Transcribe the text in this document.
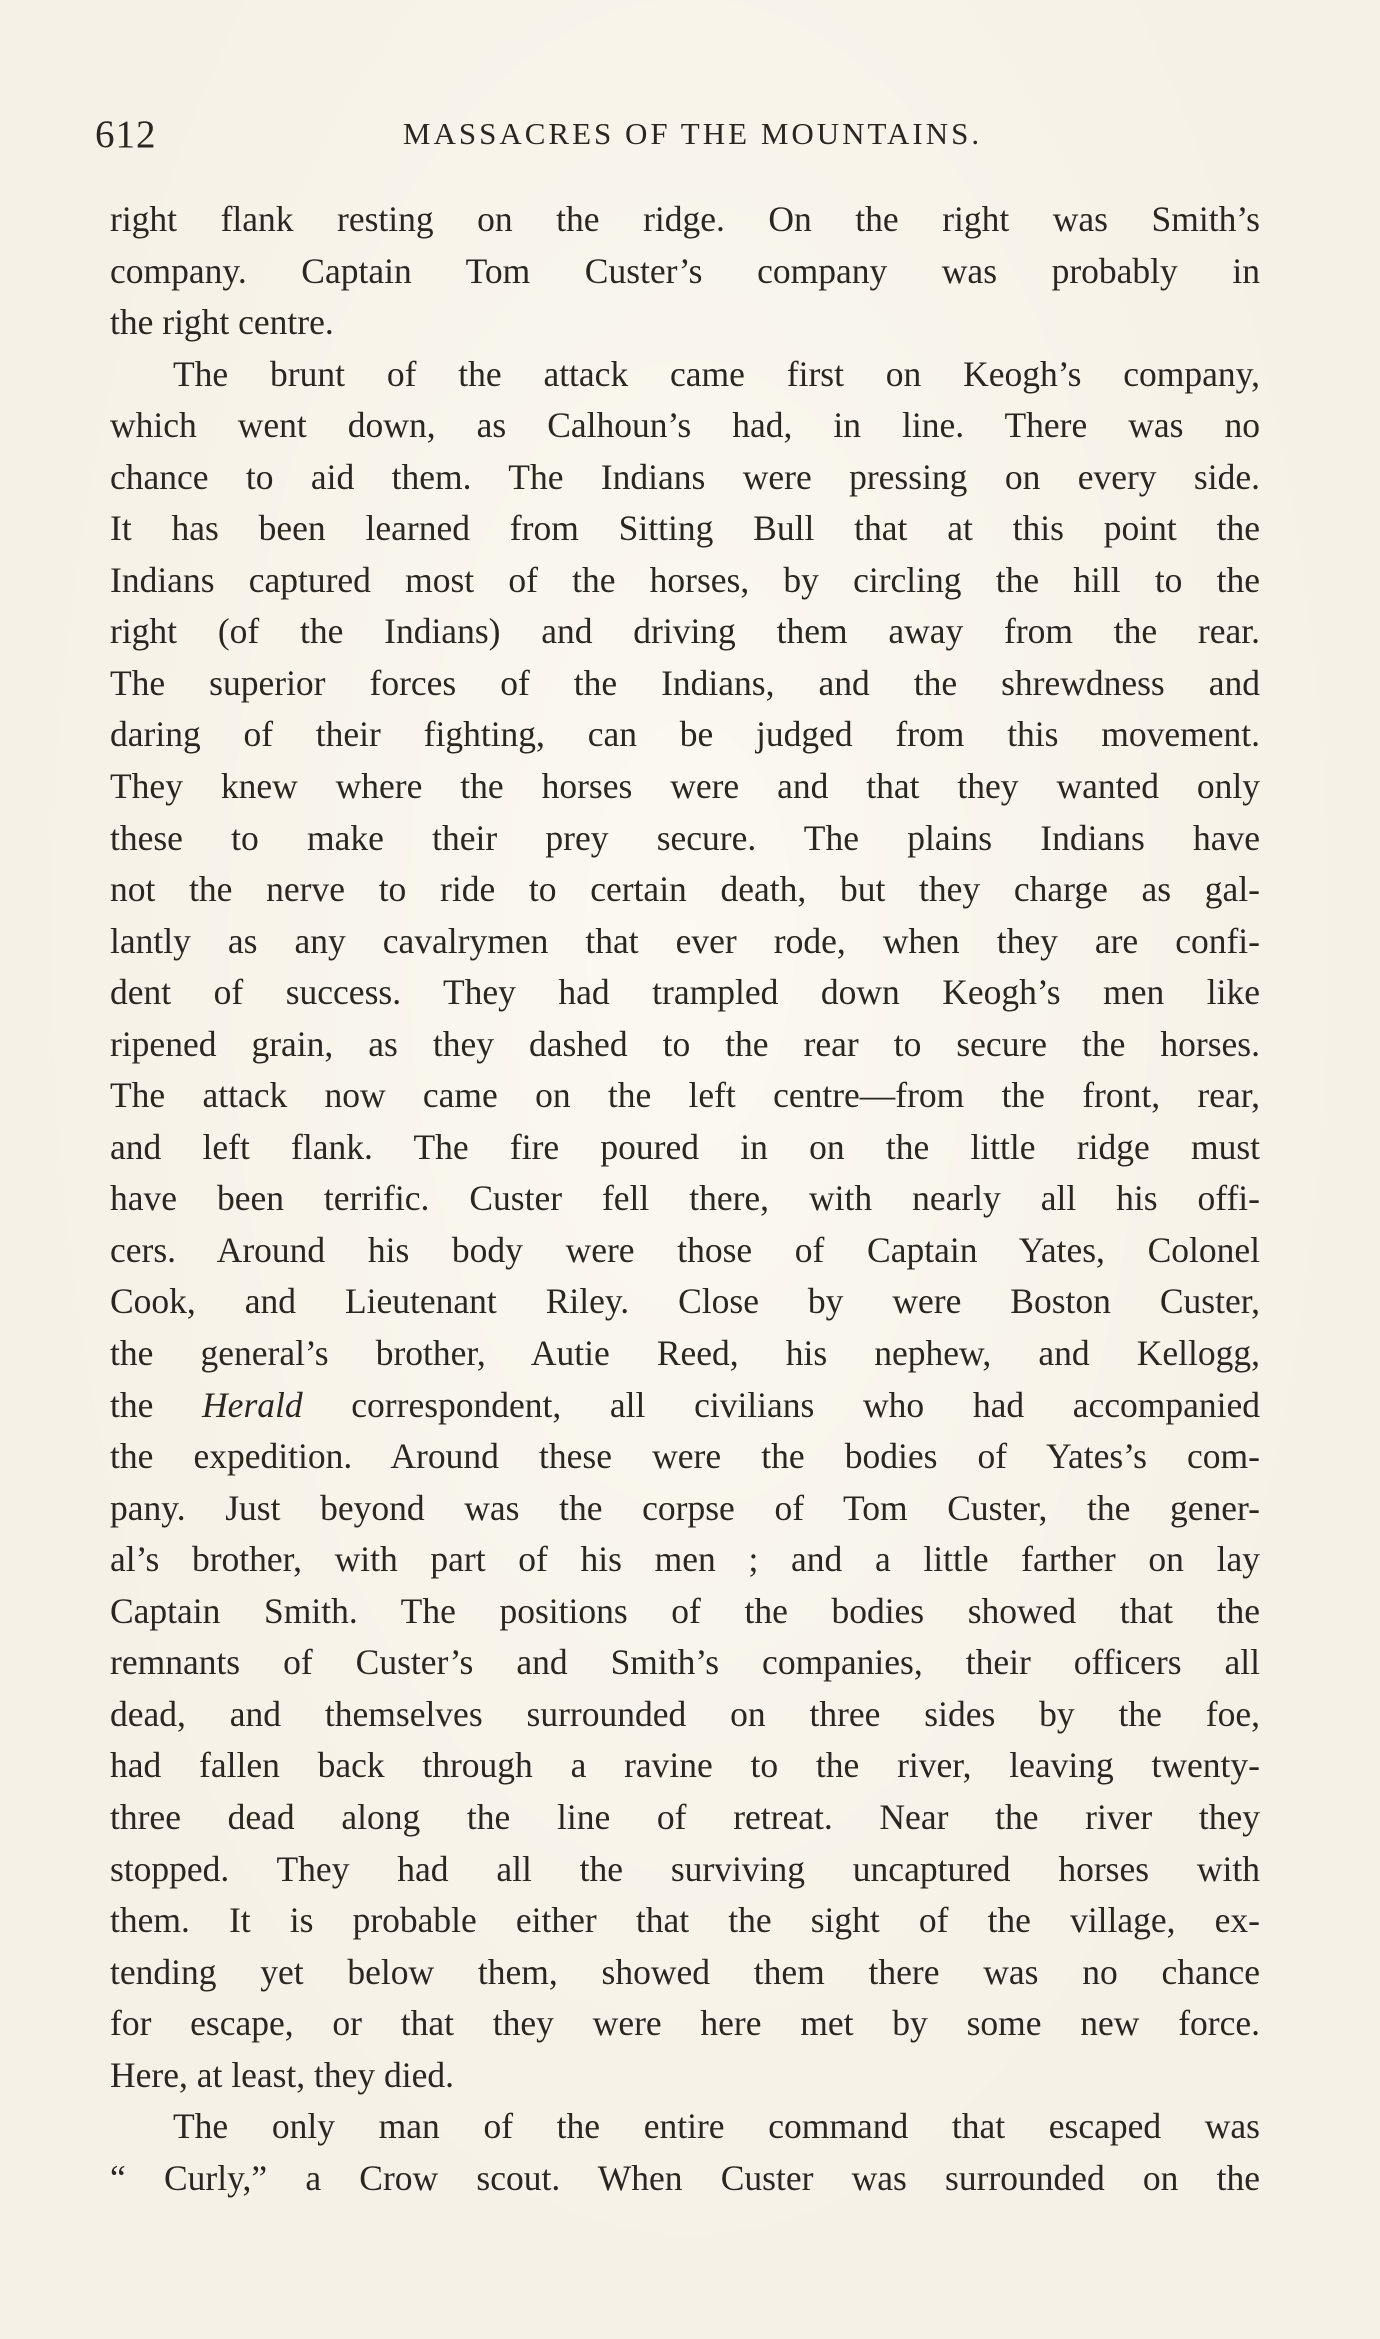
612	MASSACRES OF THE MOUNTAINS.
right flank resting on the ridge. On the right was Smith’s
company. Captain Tom Custer’s company was probably in
the right centre.
The brunt of the attack came first on Keogh’s company,
which went down, as Calhoun’s had, in line. There was no
chance to aid them. The Indians were pressing on every side.
It has been learned from Sitting Bull that at this point the
Indians captured most of the horses, by circling the hill to the
right (of the Indians) and driving them away from the rear.
The superior forces of the Indians, and the shrewdness and
daring of their fighting, can be judged from this movement.
They knew where the horses were and that they wanted only
these to make their prey secure. The plains Indians have
not the nerve to ride to certain death, but they charge as gal-
lantly as any cavalrymen that ever rode, when they are confi-
dent of success. They had trampled down Keogh’s men like
ripened grain, as they dashed to the rear to secure the horses.
The attack now came on the left centre—from the front, rear,
and left flank. The fire poured in on the little ridge must
have been terrific. Custer fell there, with nearly all his offi-
cers. Around his body were those of Captain Yates, Colonel
Cook, and Lieutenant Riley. Close by were Boston Custer,
the general’s brother, Autie Reed, his nephew, and Kellogg,
the Herald correspondent, all civilians who had accompanied
the expedition. Around these were the bodies of Yates’s com-
pany. Just beyond was the corpse of Tom Custer, the gener-
al’s brother, with part of his men ; and a little farther on lay
Captain Smith. The positions of the bodies showed that the
remnants of Custer’s and Smith’s companies, their officers all
dead, and themselves surrounded on three sides by the foe,
had fallen back through a ravine to the river, leaving twenty-
three dead along the line of retreat. Near the river they
stopped. They had all the surviving uncaptured horses with
them. It is probable either that the sight of the village, ex-
tending yet below them, showed them there was no chance
for escape, or that they were here met by some new force.
Here, at least, they died.
The only man of the entire command that escaped was
“ Curly,” a Crow scout. When Custer was surrounded on the
